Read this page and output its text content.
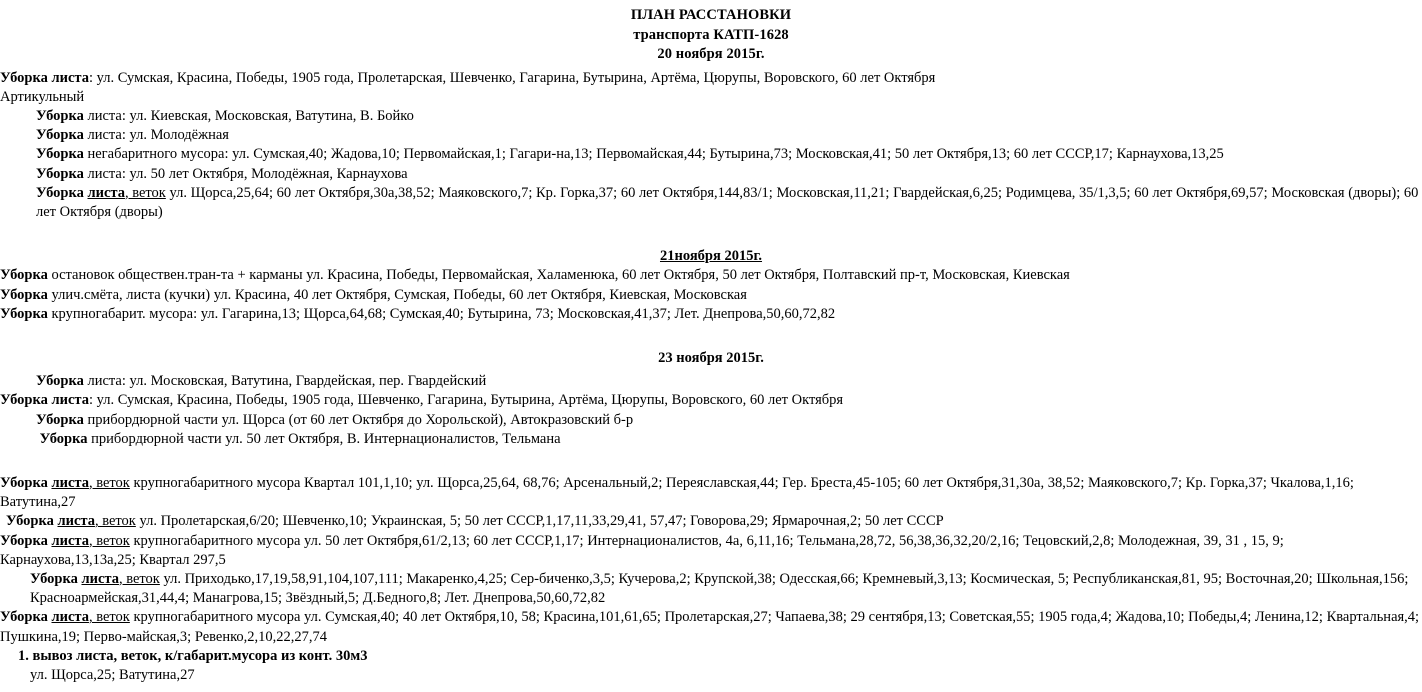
ПЛАН РАССТАНОВКИ
транспорта КАТП-1628
20 ноября 2015г.

Уборка листа: ул. Сумская, Красина, Победы, 1905 года, Пролетарская, Шевченко, Гагарина, Бутырина, Артёма, Цюрупы, Воровского, 60 лет Октября

Артикульный

Уборка листа: ул. Киевская, Московская, Ватутина, В. Бойко

Уборка листа: ул. Молодёжная

Уборка негабаритного мусора: ул. Сумская,40; Жадова,10; Первомайская,1; Гагари-на,13; Первомайская,44; Бутырина,73; Московская,41; 50 лет Октября,13; 60 лет СССР,17; Карнаухова,13,25

Уборка листа: ул. 50 лет Октября, Молодёжная, Карнаухова

Уборка листа, веток ул. Щорса,25,64; 60 лет Октября,30а,38,52; Маяковского,7; Кр. Горка,37; 60 лет Октября,144,83/1; Московская,11,21; Гвардейская,6,25; Родимцева, 35/1,3,5; 60 лет Октября,69,57; Московская (дворы); 60 лет Октября (дворы)

21ноября 2015г.

Уборка остановок обществен.тран-та + карманы ул. Красина, Победы, Первомайская, Халаменюка, 60 лет Октября, 50 лет Октября, Полтавский пр-т, Московская, Киевская

Уборка улич.смёта, листа (кучки) ул. Красина, 40 лет Октября, Сумская, Победы, 60 лет Октября, Киевская, Московская

Уборка крупногабарит. мусора: ул. Гагарина,13; Щорса,64,68; Сумская,40; Бутырина, 73; Московская,41,37; Лет. Днепрова,50,60,72,82

23 ноября 2015г.

Уборка листа: ул. Московская, Ватутина, Гвардейская, пер. Гвардейский

Уборка листа: ул. Сумская, Красина, Победы, 1905 года, Шевченко, Гагарина, Бутырина, Артёма, Цюрупы, Воровского, 60 лет Октября

Уборка прибордюрной части ул. Щорса (от 60 лет Октября до Хорольской), Автокразовский б-р

Уборка прибордюрной части ул. 50 лет Октября, В. Интернационалистов, Тельмана

Уборка листа, веток крупногабаритного мусора Квартал 101,1,10; ул. Щорса,25,64, 68,76; Арсенальный,2; Переяславская,44; Гер. Бреста,45-105; 60 лет Октября,31,30а, 38,52; Маяковского,7; Кр. Горка,37; Чкалова,1,16; Ватутина,27

Уборка листа, веток ул. Пролетарская,6/20; Шевченко,10; Украинская, 5; 50 лет СССР,1,17,11,33,29,41, 57,47; Говорова,29; Ярмарочная,2; 50 лет СССР

Уборка листа, веток крупногабаритного мусора ул. 50 лет Октября,61/2,13; 60 лет СССР,1,17; Интернационалистов, 4а, 6,11,16; Тельмана,28,72, 56,38,36,32,20/2,16; Тецовский,2,8; Молодежная, 39, 31 , 15, 9; Карнаухова,13,13а,25; Квартал 297,5

Уборка листа, веток ул. Приходько,17,19,58,91,104,107,111; Макаренко,4,25; Сер-биченко,3,5; Кучерова,2; Крупской,38; Одесская,66; Кремневый,3,13; Космическая, 5; Республиканская,81, 95; Восточная,20; Школьная,156; Красноармейская,31,44,4; Манагрова,15; Звёздный,5; Д.Бедного,8; Лет. Днепрова,50,60,72,82

Уборка листа, веток крупногабаритного мусора ул. Сумская,40; 40 лет Октября,10, 58; Красина,101,61,65; Пролетарская,27; Чапаева,38; 29 сентября,13; Советская,55; 1905 года,4; Жадова,10; Победы,4; Ленина,12; Квартальная,4; Пушкина,19; Перво-майская,3; Ревенко,2,10,22,27,74

1. вывоз листа, веток, к/габарит.мусора из конт. 30м3

ул. Щорса,25; Ватутина,27
